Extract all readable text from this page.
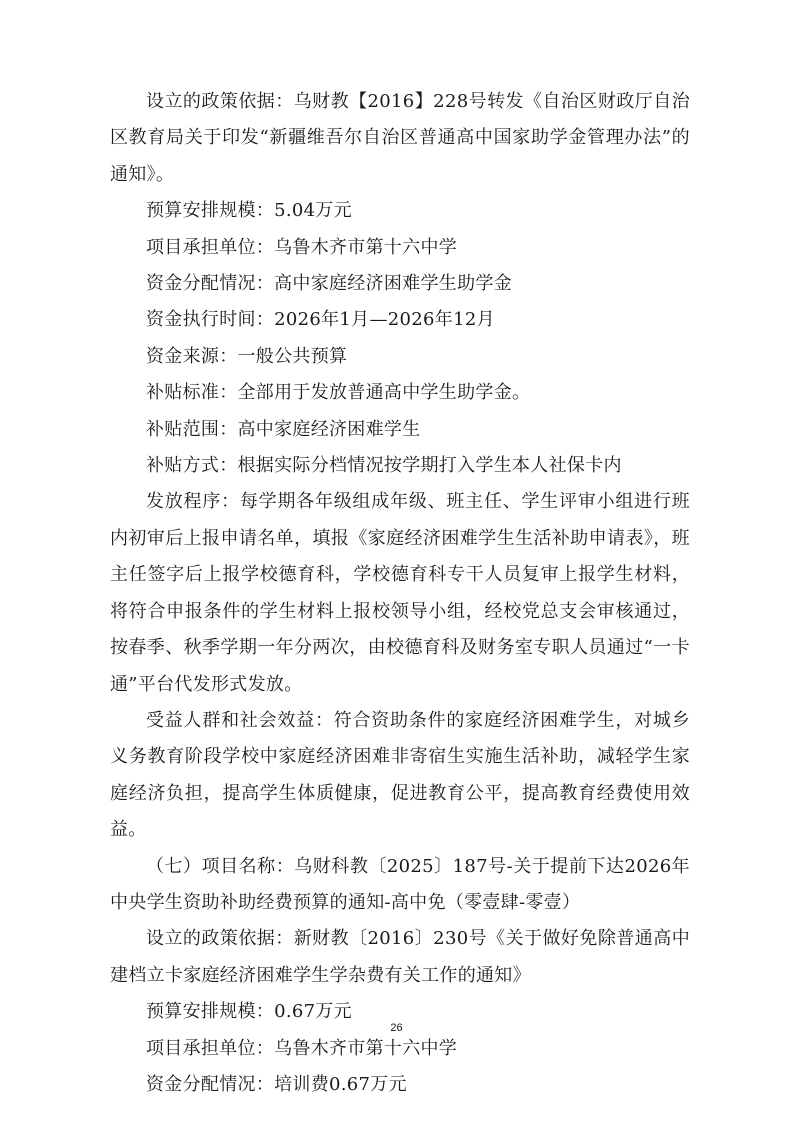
设立的政策依据：乌财教【2016】228号转发《自治区财政厅自治区教育局关于印发“新疆维吾尔自治区普通高中国家助学金管理办法”的通知》。

预算安排规模：5.04万元

项目承担单位：乌鲁木齐市第十六中学

资金分配情况：高中家庭经济困难学生助学金

资金执行时间：2026年1月—2026年12月

资金来源：一般公共预算

补贴标准：全部用于发放普通高中学生助学金。

补贴范围：高中家庭经济困难学生

补贴方式：根据实际分档情况按学期打入学生本人社保卡内

发放程序：每学期各年级组成年级、班主任、学生评审小组进行班内初审后上报申请名单，填报《家庭经济困难学生生活补助申请表》，班主任签字后上报学校德育科，学校德育科专干人员复审上报学生材料，将符合申报条件的学生材料上报校领导小组，经校党总支会审核通过，按春季、秋季学期一年分两次，由校德育科及财务室专职人员通过“一卡通”平台代发形式发放。

受益人群和社会效益：符合资助条件的家庭经济困难学生，对城乡义务教育阶段学校中家庭经济困难非寄宿生实施生活补助，减轻学生家庭经济负担，提高学生体质健康，促进教育公平，提高教育经费使用效益。

（七）项目名称：乌财科教〔2025〕187号-关于提前下达2026年中央学生资助补助经费预算的通知-高中免（零壹肆-零壹）

设立的政策依据：新财教〔2016〕230号《关于做好免除普通高中建档立卡家庭经济困难学生学杂费有关工作的通知》

预算安排规模：0.67万元

项目承担单位：乌鲁木齐市第十六中学

资金分配情况：培训费0.67万元

26
